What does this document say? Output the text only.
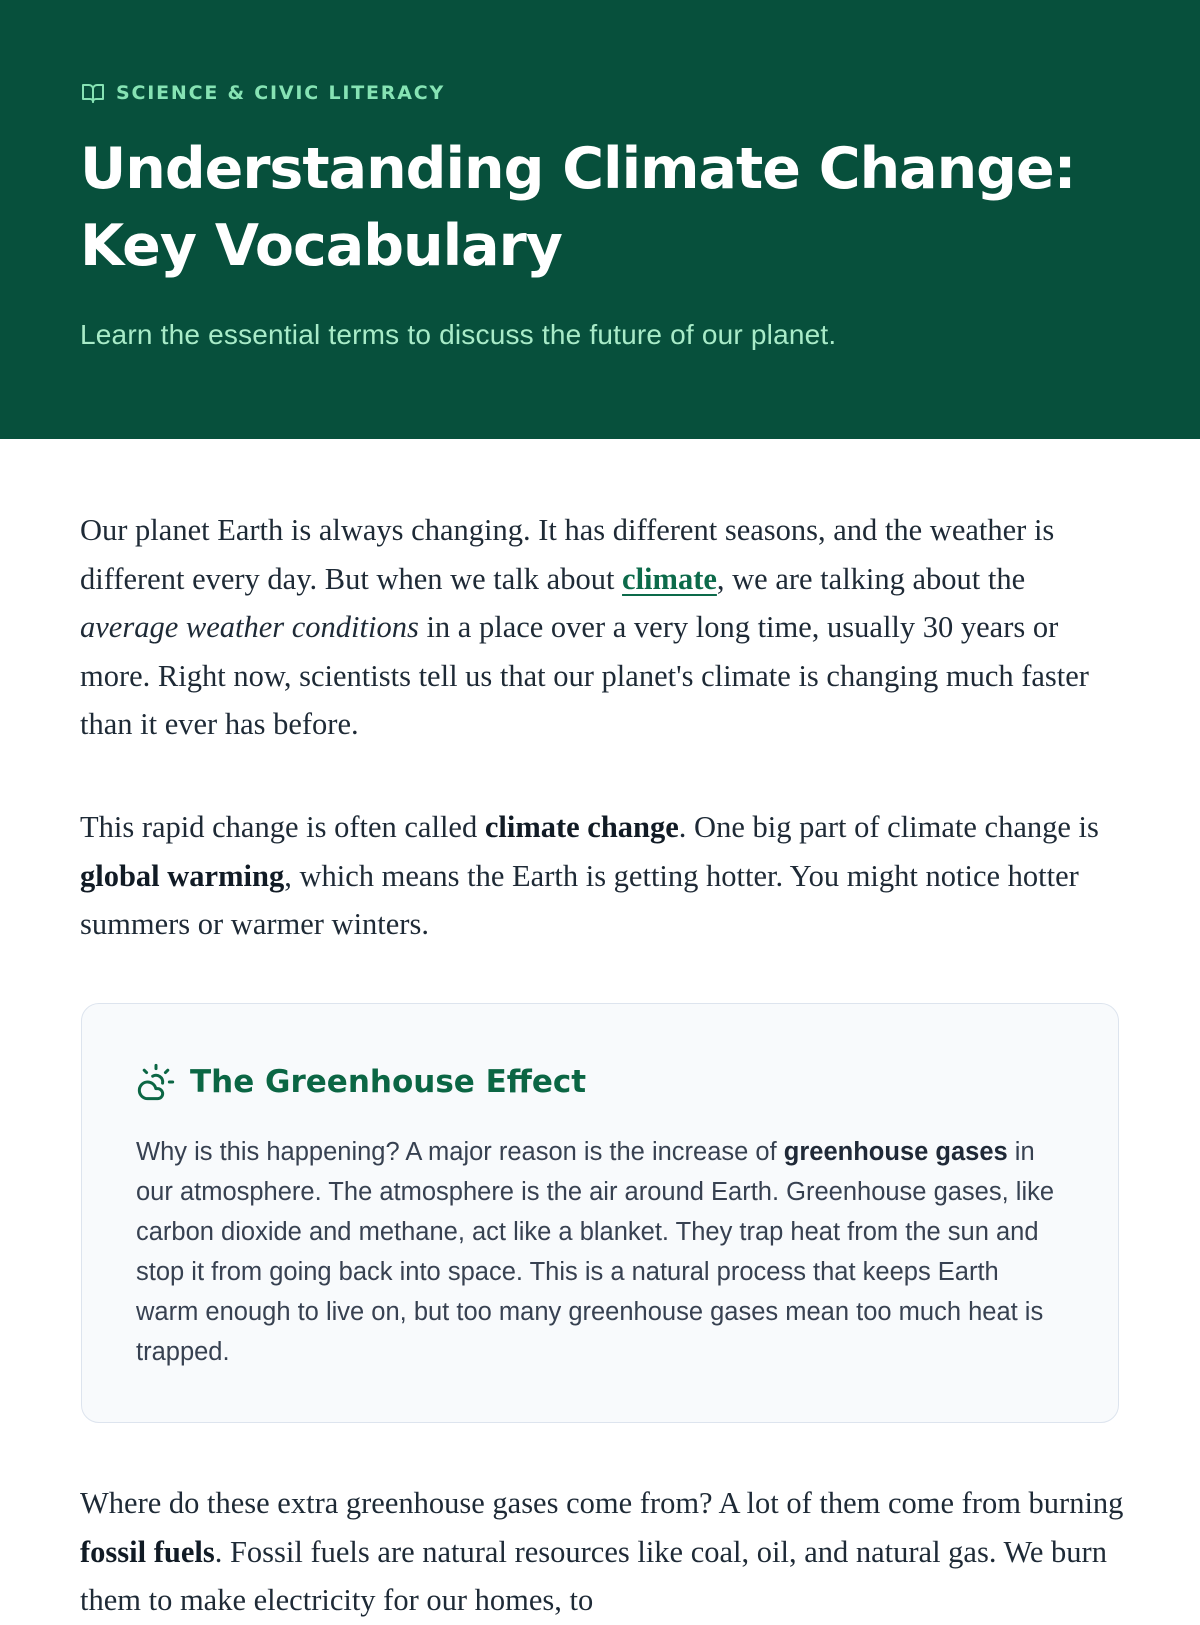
SCIENCE & CIVIC LITERACY
Understanding Climate Change: Key Vocabulary

Learn the essential terms to discuss the future of our planet.

Our planet Earth is always changing. It has different seasons, and the weather is different every day. But when we talk about climate, we are talking about the average weather conditions in a place over a very long time, usually 30 years or more. Right now, scientists tell us that our planet's climate is changing much faster than it ever has before.

This rapid change is often called climate change. One big part of climate change is global warming, which means the Earth is getting hotter. You might notice hotter summers or warmer winters.

The Greenhouse Effect

Why is this happening? A major reason is the increase of greenhouse gases in our atmosphere. The atmosphere is the air around Earth. Greenhouse gases, like carbon dioxide and methane, act like a blanket. They trap heat from the sun and stop it from going back into space. This is a natural process that keeps Earth warm enough to live on, but too many greenhouse gases mean too much heat is trapped.

Where do these extra greenhouse gases come from? A lot of them come from burning fossil fuels. Fossil fuels are natural resources like coal, oil, and natural gas. We burn them to make electricity for our homes, to
